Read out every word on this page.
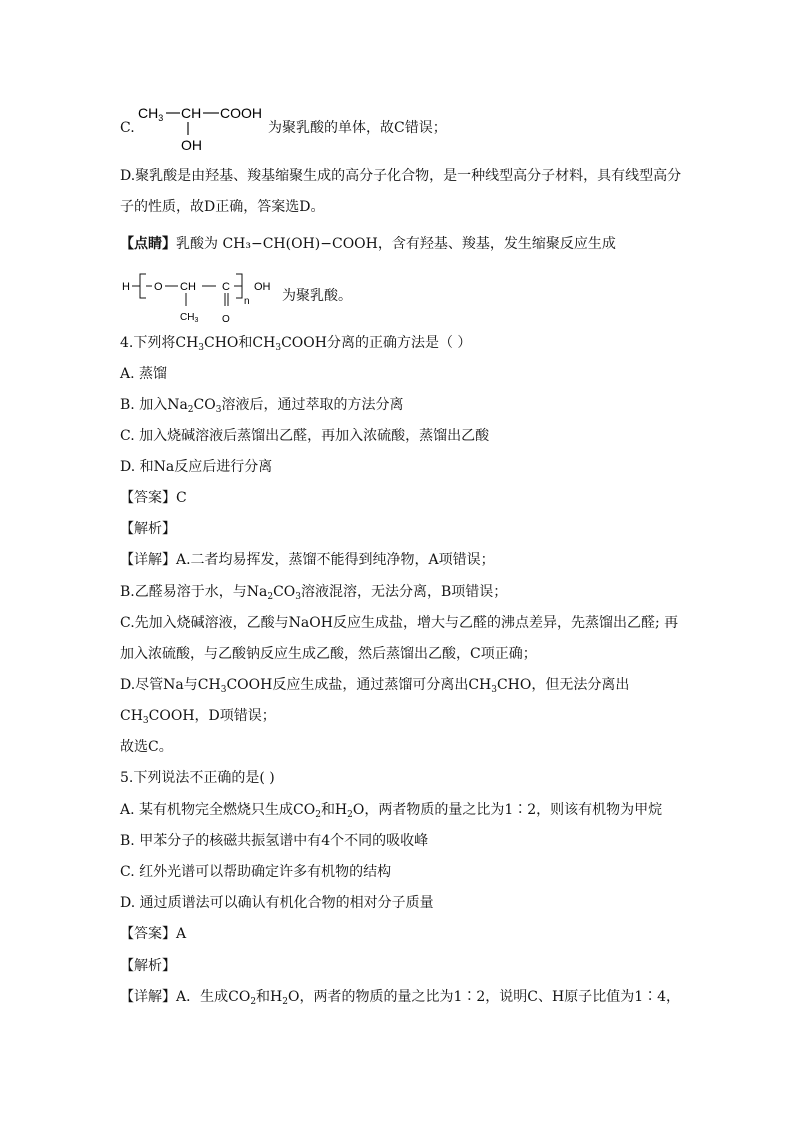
C.
$CH_3$ CH COOH
OH
为聚乳酸的单体，故C错误；
D.聚乳酸是由羟基、羧基缩聚生成的高分子化合物，是一种线型高分子材料，具有线型高分
子的性质，故D正确，答案选D。
【点睛】乳酸为 CH₃−CH(OH)−COOH，含有羟基、羧基，发生缩聚反应生成
H O CH C
n
OH
$CH_3$ O
为聚乳酸。
4.下列将$CH_3CHO$和$CH_3COOH$分离的正确方法是（ ）
A. 蒸馏
B. 加入$Na_2CO_3$溶液后，通过萃取的方法分离
C. 加入烧碱溶液后蒸馏出乙醛，再加入浓硫酸，蒸馏出乙酸
D. 和Na反应后进行分离
【答案】C
【解析】
【详解】A.二者均易挥发，蒸馏不能得到纯净物，A项错误；
B.乙醛易溶于水，与$Na_2CO_3$溶液混溶，无法分离，B项错误；
C.先加入烧碱溶液，乙酸与NaOH反应生成盐，增大与乙醛的沸点差异，先蒸馏出乙醛; 再
加入浓硫酸，与乙酸钠反应生成乙酸，然后蒸馏出乙酸，C项正确；
D.尽管Na与$CH_3COOH$反应生成盐，通过蒸馏可分离出$CH_3CHO$，但无法分离出
$CH_3COOH$，D项错误；
故选C。
5.下列说法不正确的是( )
A. 某有机物完全燃烧只生成$CO_2$和$H_2O$，两者物质的量之比为1∶2，则该有机物为甲烷
B. 甲苯分子的核磁共振氢谱中有4个不同的吸收峰
C. 红外光谱可以帮助确定许多有机物的结构
D. 通过质谱法可以确认有机化合物的相对分子质量
【答案】A
【解析】
【详解】A．生成$CO_2$和$H_2O$，两者的物质的量之比为1∶2，说明C、H原子比值为1∶4，
